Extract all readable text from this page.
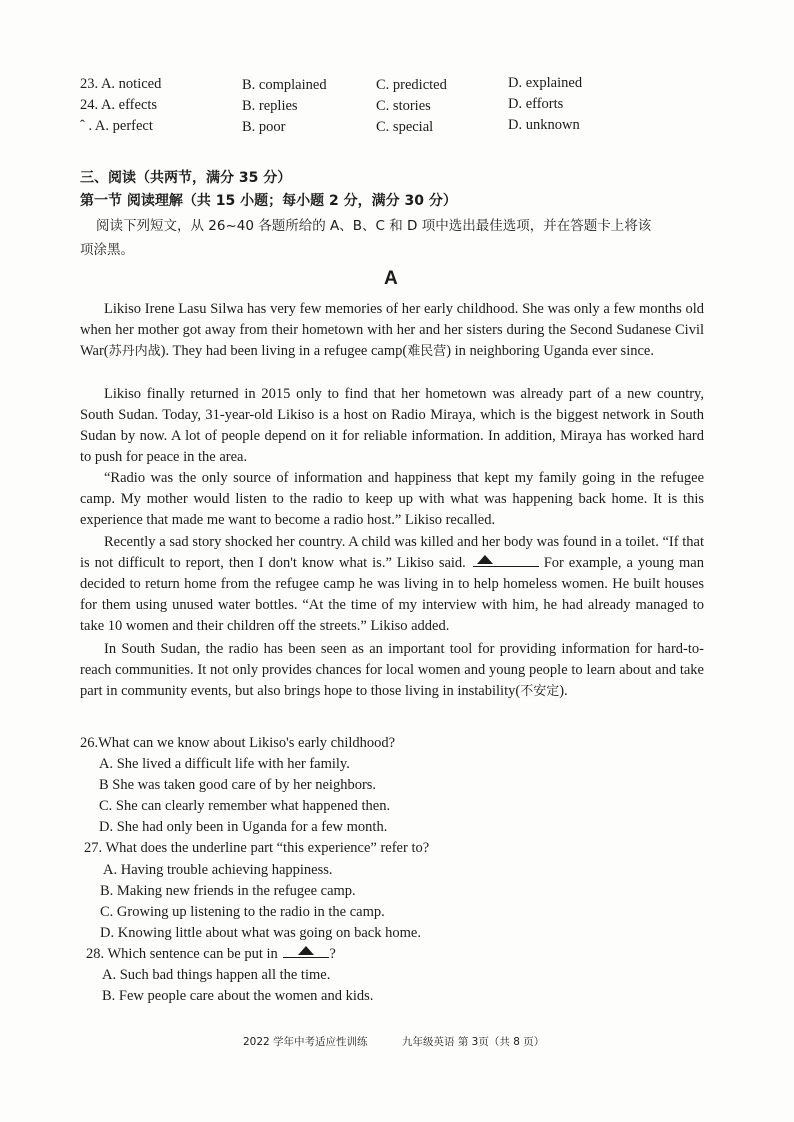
23. A. noticed	B. complained	C. predicted	D. explained
24. A. effects	B. replies	C. stories	D. efforts
ˆ . A. perfect	B. poor	C. special	D. unknown
三、阅读（共两节，满分 35 分）
第一节 阅读理解（共 15 小题；每小题 2 分，满分 30 分）
阅读下列短文，从 26~40 各题所给的 A、B、C 和 D 项中选出最佳选项，并在答题卡上将该
项涂黑。
A

Likiso Irene Lasu Silwa has very few memories of her early childhood. She was only a few months old when her mother got away from their hometown with her and her sisters during the Second Sudanese Civil War(苏丹内战). They had been living in a refugee camp(难民营) in neighboring Uganda ever since.

Likiso finally returned in 2015 only to find that her hometown was already part of a new country, South Sudan. Today, 31-year-old Likiso is a host on Radio Miraya, which is the biggest network in South Sudan by now. A lot of people depend on it for reliable information. In addition, Miraya has worked hard to push for peace in the area.

“Radio was the only source of information and happiness that kept my family going in the refugee camp. My mother would listen to the radio to keep up with what was happening back home. It is this experience that made me want to become a radio host.” Likiso recalled.

Recently a sad story shocked her country. A child was killed and her body was found in a toilet. “If that is not difficult to report, then I don't know what is.” Likiso said.	For example, a young man decided to return home from the refugee camp he was living in to help homeless women. He built houses for them using unused water bottles. “At the time of my interview with him, he had already managed to take 10 women and their children off the streets.” Likiso added.

In South Sudan, the radio has been seen as an important tool for providing information for hard-to-reach communities. It not only provides chances for local women and young people to learn about and take part in community events, but also brings hope to those living in instability(不安定).

26.What can we know about Likiso's early childhood?
A. She lived a difficult life with her family.
B She was taken good care of by her neighbors.
C. She can clearly remember what happened then.
D. She had only been in Uganda for a few month.
27. What does the underline part “this experience” refer to?
A. Having trouble achieving happiness.
B. Making new friends in the refugee camp.
C. Growing up listening to the radio in the camp.
D. Knowing little about what was going on back home.
28. Which sentence can be put in	?
A. Such bad things happen all the time.
B. Few people care about the women and kids.
2022 学年中考适应性训练	九年级英语 第 3页（共 8 页）
